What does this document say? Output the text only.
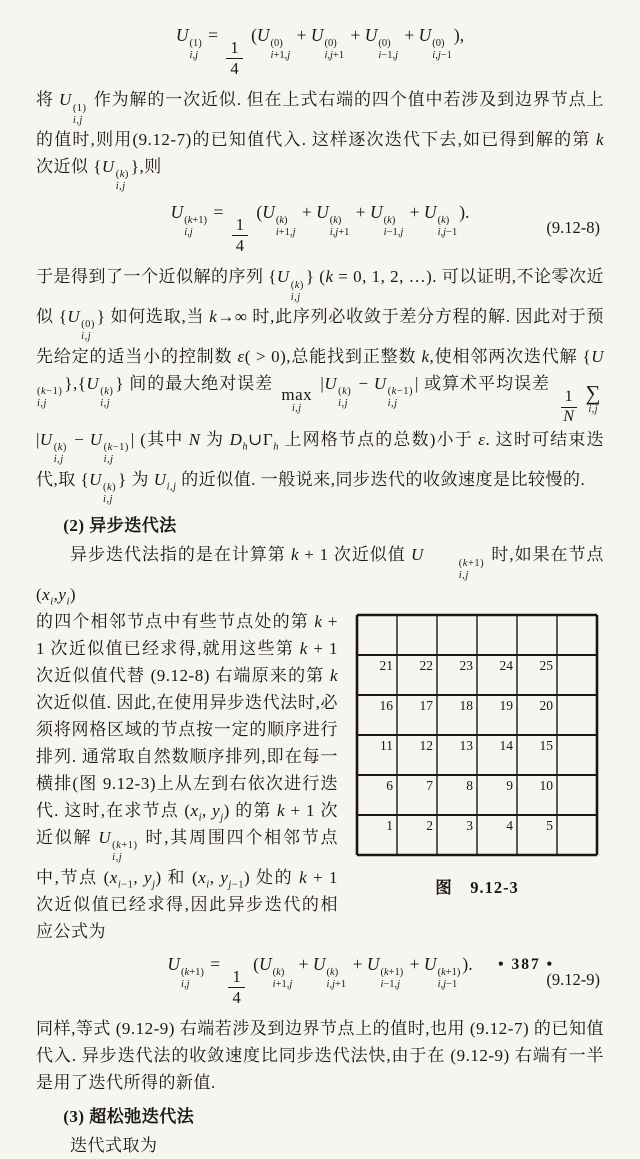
U (1)
i,j
=
$\frac{1}{4}$
(U (0)
i+1,j
+ U (0)
i,j+1
+ U (0)
i−1,j
+ U (0)
i,j−1
),

将 U (1)
i,j
作为解的一次近似. 但在上式右端的四个值中若涉及到边界节点上的值时,则用(9.12-7)的已知值代入. 这样逐次迭代下去,如已得到解的第 k 次近似 {U (k)
i,j
},则

U (k+1)
i,j
=
$\frac{1}{4}$
(U (k)
i+1,j
+ U (k)
i,j+1
+ U (k)
i−1,j
+ U (k)
i,j−1
).
(9.12-8)

于是得到了一个近似解的序列 {U (k)
i,j
} (k = 0, 1, 2, …). 可以证明,不论零次近似 {U (0)
i,j
} 如何选取,当 k→∞ 时,此序列必收敛于差分方程的解. 因此对于预先给定的适当小的控制数 ε( > 0),总能找到正整数 k,使相邻两次迭代解 {U
(k−1)
i,j
},{U (k)
i,j
} 间的最大绝对误差
max
i,j
|U (k)
i,j
− U (k−1)
i,j
| 或算术平均误差
$\frac{1}{N}$ ∑
i,j
|U (k)
i,j
− U (k−1)
i,j
| (其中 N 为 $D_h\cup\Gamma_h$ 上网格节点的总数)小于 ε. 这时可结束迭代,取 {U (k)
i,j
} 为 $U_{i,j}$ 的近似值. 一般说来,同步迭代的收敛速度是比较慢的.

(2) 异步迭代法

异步迭代法指的是在计算第 k + 1 次近似值 U	(k+1)
i,j
时,如果在节点$(x_i,y_i)$

21 22 23 24 25
16 17 18 19 20
11 12 13 14 15
6 7 8 9 10
1 2 3 4 5
图　9.12-3

的四个相邻节点中有些节点处的第 k + 1 次近似值已经求得,就用这些第 k + 1 次近似值代替 (9.12-8) 右端原来的第 k 次近似值. 因此,在使用异步迭代法时,必须将网格区域的节点按一定的顺序进行排列. 通常取自然数顺序排列,即在每一横排(图 9.12-3)上从左到右依次进行迭代. 这时,在求节点 ($x_i$, $y_j$) 的第 k + 1 次近似解 U (k+1)
i,j
时,其周围四个相邻节点中,节点 ($x_{i-1}$, $y_j$) 和 ($x_i$, $y_{j-1}$) 处的 k + 1 次近似值已经求得,因此异步迭代的相应公式为

U (k+1)
i,j
=
$\frac{1}{4}$
(U (k)
i+1,j
+ U (k)
i,j+1
+ U (k+1)
i−1,j
+ U (k+1)
i,j−1
).
(9.12-9)

同样,等式 (9.12-9) 右端若涉及到边界节点上的值时,也用 (9.12-7) 的已知值代入. 异步迭代法的收敛速度比同步迭代法快,由于在 (9.12-9) 右端有一半是用了迭代所得的新值.

(3) 超松弛迭代法

迭代式取为

• 387 •
